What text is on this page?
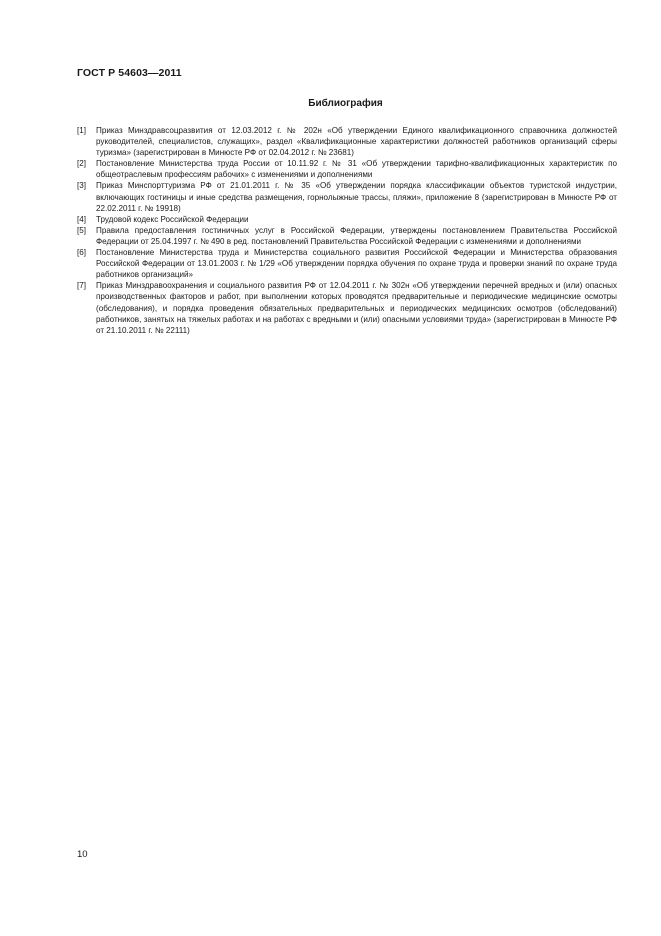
ГОСТ Р 54603—2011
Библиография
[1]	Приказ Минздравсоцразвития от 12.03.2012 г. № 202н «Об утверждении Единого квалификационного справочника должностей руководителей, специалистов, служащих», раздел «Квалификационные характеристики должностей работников организаций сферы туризма» (зарегистрирован в Минюсте РФ от 02.04.2012 г. № 23681)
[2]	Постановление Министерства труда России от 10.11.92 г. № 31 «Об утверждении тарифно-квалификационных характеристик по общеотраслевым профессиям рабочих» с изменениями и дополнениями
[3]	Приказ Минспорттуризма РФ от 21.01.2011 г. № 35 «Об утверждении порядка классификации объектов туристской индустрии, включающих гостиницы и иные средства размещения, горнолыжные трассы, пляжи», приложение 8 (зарегистрирован в Минюсте РФ от 22.02.2011 г. № 19918)
[4]	Трудовой кодекс Российской Федерации
[5]	Правила предоставления гостиничных услуг в Российской Федерации, утверждены постановлением Правительства Российской Федерации от 25.04.1997 г. № 490 в ред. постановлений Правительства Российской Федерации с изменениями и дополнениями
[6]	Постановление Министерства труда и Министерства социального развития Российской Федерации и Министерства образования Российской Федерации от 13.01.2003 г. № 1/29 «Об утверждении порядка обучения по охране труда и проверки знаний по охране труда работников организаций»
[7]	Приказ Минздравоохранения и социального развития РФ от 12.04.2011 г. № 302н «Об утверждении перечней вредных и (или) опасных производственных факторов и работ, при выполнении которых проводятся предварительные и периодические медицинские осмотры (обследования), и порядка проведения обязательных предварительных и периодических медицинских осмотров (обследований) работников, занятых на тяжелых работах и на работах с вредными и (или) опасными условиями труда» (зарегистрирован в Минюсте РФ от 21.10.2011 г. № 22111)
10
